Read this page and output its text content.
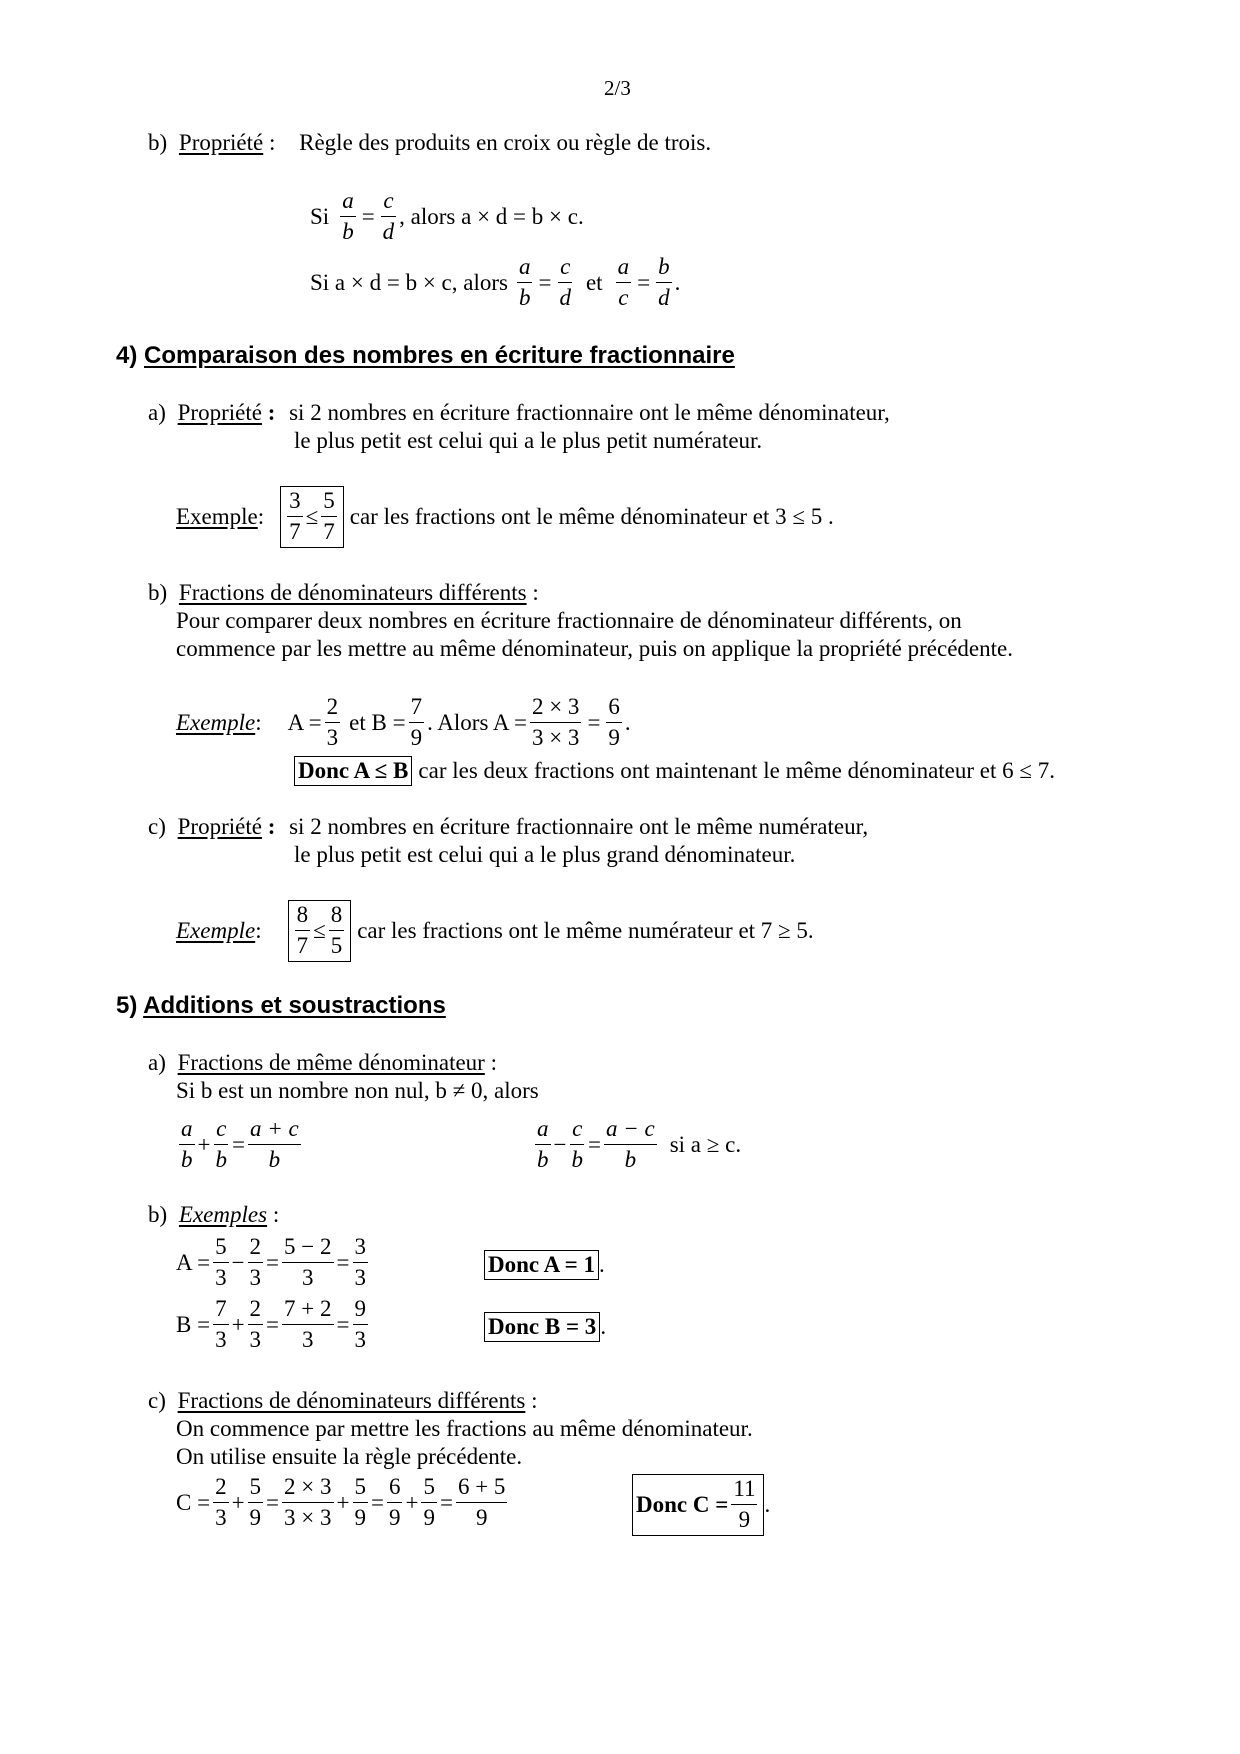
2/3
b) Propriété : Règle des produits en croix ou règle de trois.
Si $\frac{a}{b} = \frac{c}{d}$ , alors a × d = b × c.
Si a × d = b × c, alors $\frac{a}{b} = \frac{c}{d}$ et $\frac{a}{c} = \frac{b}{d}$ .
4) Comparaison des nombres en écriture fractionnaire
a) Propriété : si 2 nombres en écriture fractionnaire ont le même dénominateur,
le plus petit est celui qui a le plus petit numérateur.
Exemple : $\frac{3}{7} \le \frac{5}{7}$ car les fractions ont le même dénominateur et 3 ≤ 5 .
b) Fractions de dénominateurs différents :
Pour comparer deux nombres en écriture fractionnaire de dénominateur différents, on
commence par les mettre au même dénominateur, puis on applique la propriété précédente.
Exemple : $A = \frac{2}{3}$ et $B = \frac{7}{9}$ . Alors $A = \frac{2 \times 3}{3 \times 3} = \frac{6}{9}$ .
Donc A ≤ B car les deux fractions ont maintenant le même dénominateur et 6 ≤ 7.
c) Propriété : si 2 nombres en écriture fractionnaire ont le même numérateur,
le plus petit est celui qui a le plus grand dénominateur.
Exemple : $\frac{8}{7} \le \frac{8}{5}$ car les fractions ont le même numérateur et 7 ≥ 5.
5) Additions et soustractions
a) Fractions de même dénominateur :
Si b est un nombre non nul, b ≠ 0, alors
$\frac{a}{b} + \frac{c}{b} = \frac{a + c}{b}$	$\frac{a}{b} - \frac{c}{b} = \frac{a - c}{b}$ si a ≥ c.
b) Exemples :
$A = \frac{5}{3} - \frac{2}{3} = \frac{5 - 2}{3} = \frac{3}{3}$	Donc A = 1 .
$B = \frac{7}{3} + \frac{2}{3} = \frac{7 + 2}{3} = \frac{9}{3}$	Donc B = 3 .
c) Fractions de dénominateurs différents :
On commence par mettre les fractions au même dénominateur.
On utilise ensuite la règle précédente.
$C = \frac{2}{3} + \frac{5}{9} = \frac{2 \times 3}{3 \times 3} + \frac{5}{9} = \frac{6}{9} + \frac{5}{9} = \frac{6 + 5}{9}$	Donc $C = \frac{11}{9}$ .
